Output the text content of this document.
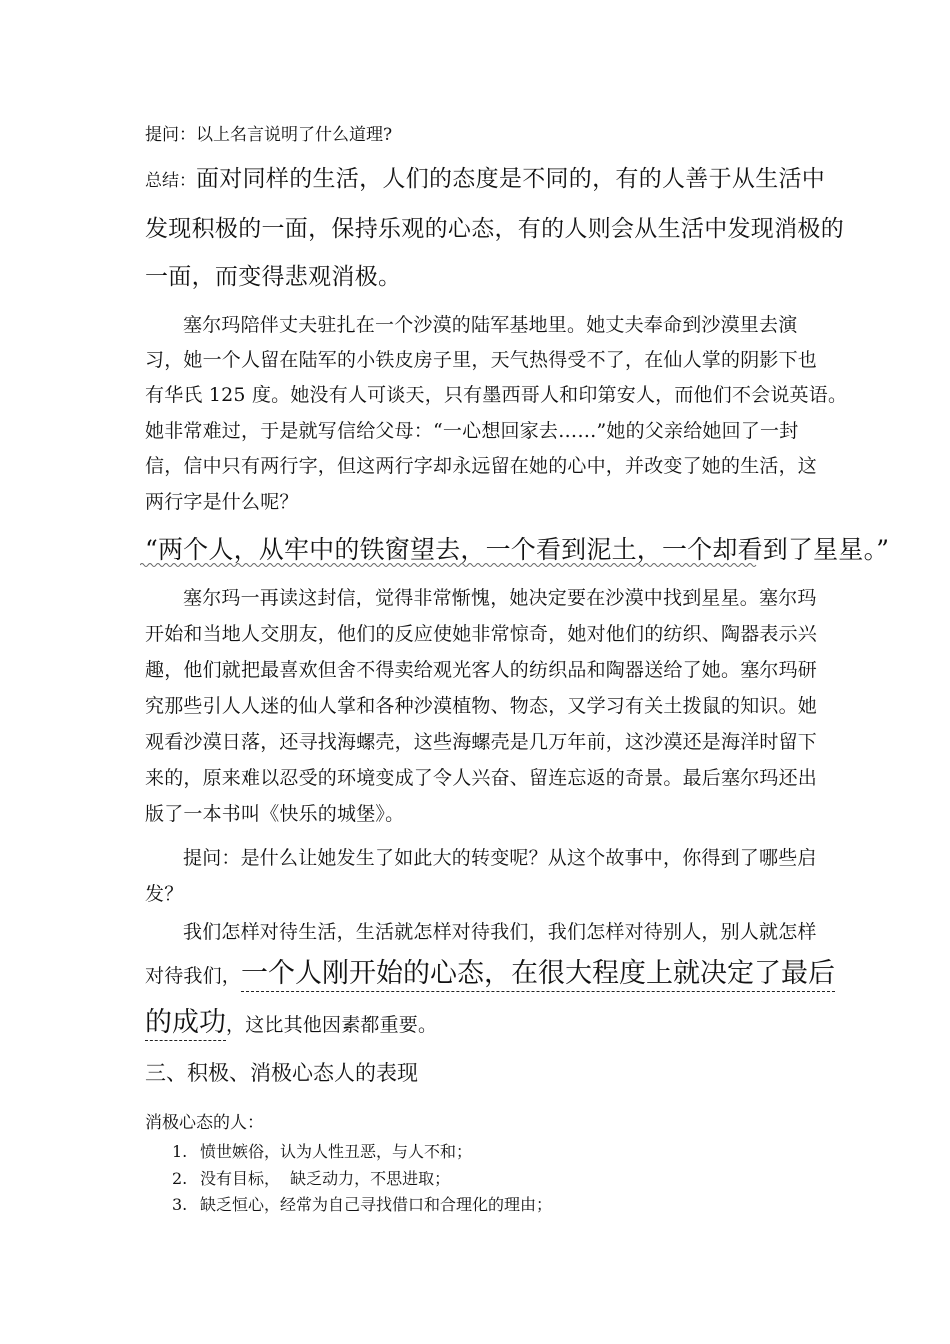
提问：以上名言说明了什么道理?
总结：面对同样的生活，人们的态度是不同的，有的人善于从生活中
发现积极的一面，保持乐观的心态，有的人则会从生活中发现消极的
一面，而变得悲观消极。
塞尔玛陪伴丈夫驻扎在一个沙漠的陆军基地里。她丈夫奉命到沙漠里去演
习，她一个人留在陆军的小铁皮房子里，天气热得受不了，在仙人掌的阴影下也
有华氏 125 度。她没有人可谈天，只有墨西哥人和印第安人，而他们不会说英语。
她非常难过，于是就写信给父母：“一心想回家去……”她的父亲给她回了一封
信，信中只有两行字，但这两行字却永远留在她的心中，并改变了她的生活，这
两行字是什么呢？
“两个人，从牢中的铁窗望去，一个看到泥土，一个却看到了星星。”
塞尔玛一再读这封信，觉得非常惭愧，她决定要在沙漠中找到星星。塞尔玛
开始和当地人交朋友，他们的反应使她非常惊奇，她对他们的纺织、陶器表示兴
趣，他们就把最喜欢但舍不得卖给观光客人的纺织品和陶器送给了她。塞尔玛研
究那些引人人迷的仙人掌和各种沙漠植物、物态，又学习有关土拨鼠的知识。她
观看沙漠日落，还寻找海螺壳，这些海螺壳是几万年前，这沙漠还是海洋时留下
来的，原来难以忍受的环境变成了令人兴奋、留连忘返的奇景。最后塞尔玛还出
版了一本书叫《快乐的城堡》。
提问：是什么让她发生了如此大的转变呢？从这个故事中，你得到了哪些启
发？
我们怎样对待生活，生活就怎样对待我们，我们怎样对待别人，别人就怎样
对待我们，一个人刚开始的心态，在很大程度上就决定了最后
的成功，这比其他因素都重要。
三、积极、消极心态人的表现
消极心态的人：
1. 愤世嫉俗，认为人性丑恶，与人不和；
2. 没有目标，  缺乏动力，不思进取；
3. 缺乏恒心，经常为自己寻找借口和合理化的理由；
